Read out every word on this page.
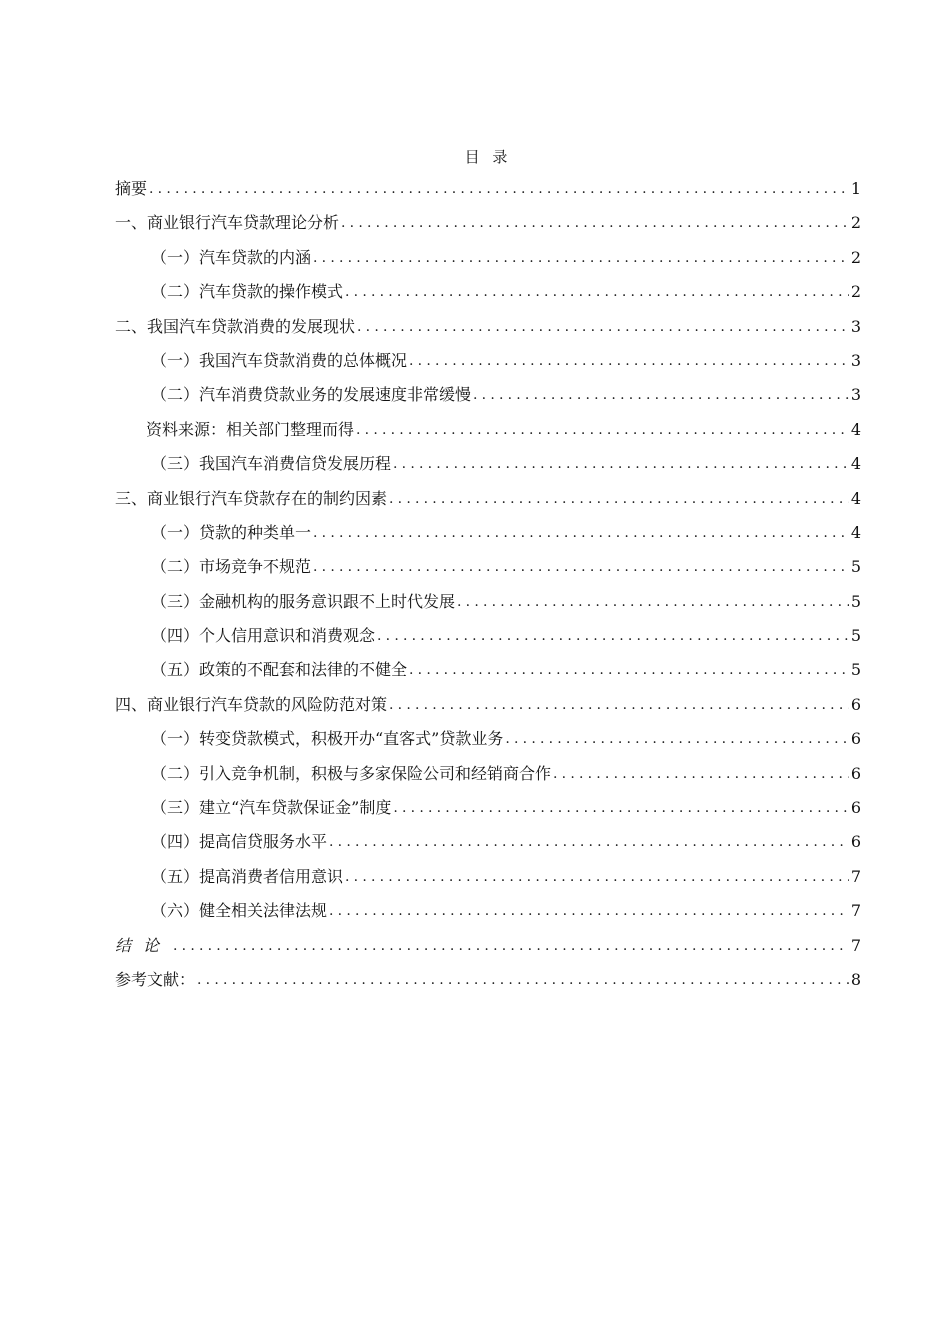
目 录
摘要 .....	1
一、商业银行汽车贷款理论分析 .....	2
（一）汽车贷款的内涵 .....	2
（二）汽车贷款的操作模式 .....	2
二、我国汽车贷款消费的发展现状 .....	3
（一）我国汽车贷款消费的总体概况 .....	3
（二）汽车消费贷款业务的发展速度非常缓慢 .....	3
资料来源：相关部门整理而得 .....	4
（三）我国汽车消费信贷发展历程 .....	4
三、商业银行汽车贷款存在的制约因素 .....	4
（一）贷款的种类单一 .....	4
（二）市场竞争不规范 .....	5
（三）金融机构的服务意识跟不上时代发展 .....	5
（四）个人信用意识和消费观念 .....	5
（五）政策的不配套和法律的不健全 .....	5
四、商业银行汽车贷款的风险防范对策 .....	6
（一）转变贷款模式，积极开办“直客式”贷款业务 .....	6
（二）引入竞争机制，积极与多家保险公司和经销商合作 .....	6
（三）建立“汽车贷款保证金”制度 .....	6
（四）提高信贷服务水平 .....	6
（五）提高消费者信用意识 .....	7
（六）健全相关法律法规 .....	7
结论 .....	7
参考文献： .....	8
